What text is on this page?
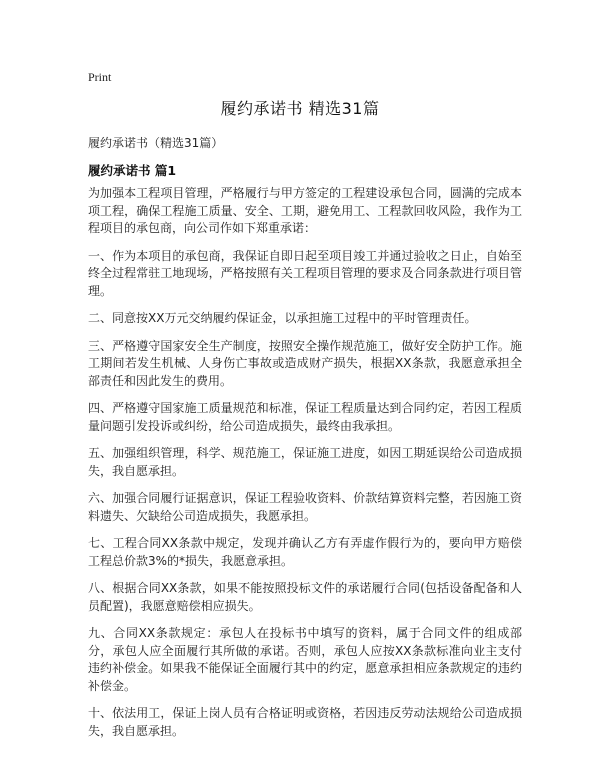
Print
履约承诺书 精选31篇
履约承诺书（精选31篇）
履约承诺书 篇1

为加强本工程项目管理，严格履行与甲方签定的工程建设承包合同，圆满的完成本项工程，确保工程施工质量、安全、工期，避免用工、工程款回收风险，我作为工程项目的承包商，向公司作如下郑重承诺：

一、作为本项目的承包商，我保证自即日起至项目竣工并通过验收之日止，自始至终全过程常驻工地现场，严格按照有关工程项目管理的要求及合同条款进行项目管理。

二、同意按XX万元交纳履约保证金，以承担施工过程中的平时管理责任。

三、严格遵守国家安全生产制度，按照安全操作规范施工，做好安全防护工作。施工期间若发生机械、人身伤亡事故或造成财产损失，根据XX条款，我愿意承担全部责任和因此发生的费用。

四、严格遵守国家施工质量规范和标准，保证工程质量达到合同约定，若因工程质量问题引发投诉或纠纷，给公司造成损失，最终由我承担。

五、加强组织管理，科学、规范施工，保证施工进度，如因工期延误给公司造成损失，我自愿承担。

六、加强合同履行证据意识，保证工程验收资料、价款结算资料完整，若因施工资料遗失、欠缺给公司造成损失，我愿承担。

七、工程合同XX条款中规定，发现并确认乙方有弄虚作假行为的，要向甲方赔偿工程总价款3%的*损失，我愿意承担。

八、根据合同XX条款，如果不能按照投标文件的承诺履行合同(包括设备配备和人员配置)，我愿意赔偿相应损失。

九、合同XX条款规定：承包人在投标书中填写的资料，属于合同文件的组成部分，承包人应全面履行其所做的承诺。否则，承包人应按XX条款标准向业主支付违约补偿金。如果我不能保证全面履行其中的约定，愿意承担相应条款规定的违约补偿金。

十、依法用工，保证上岗人员有合格证明或资格，若因违反劳动法规给公司造成损失，我自愿承担。
